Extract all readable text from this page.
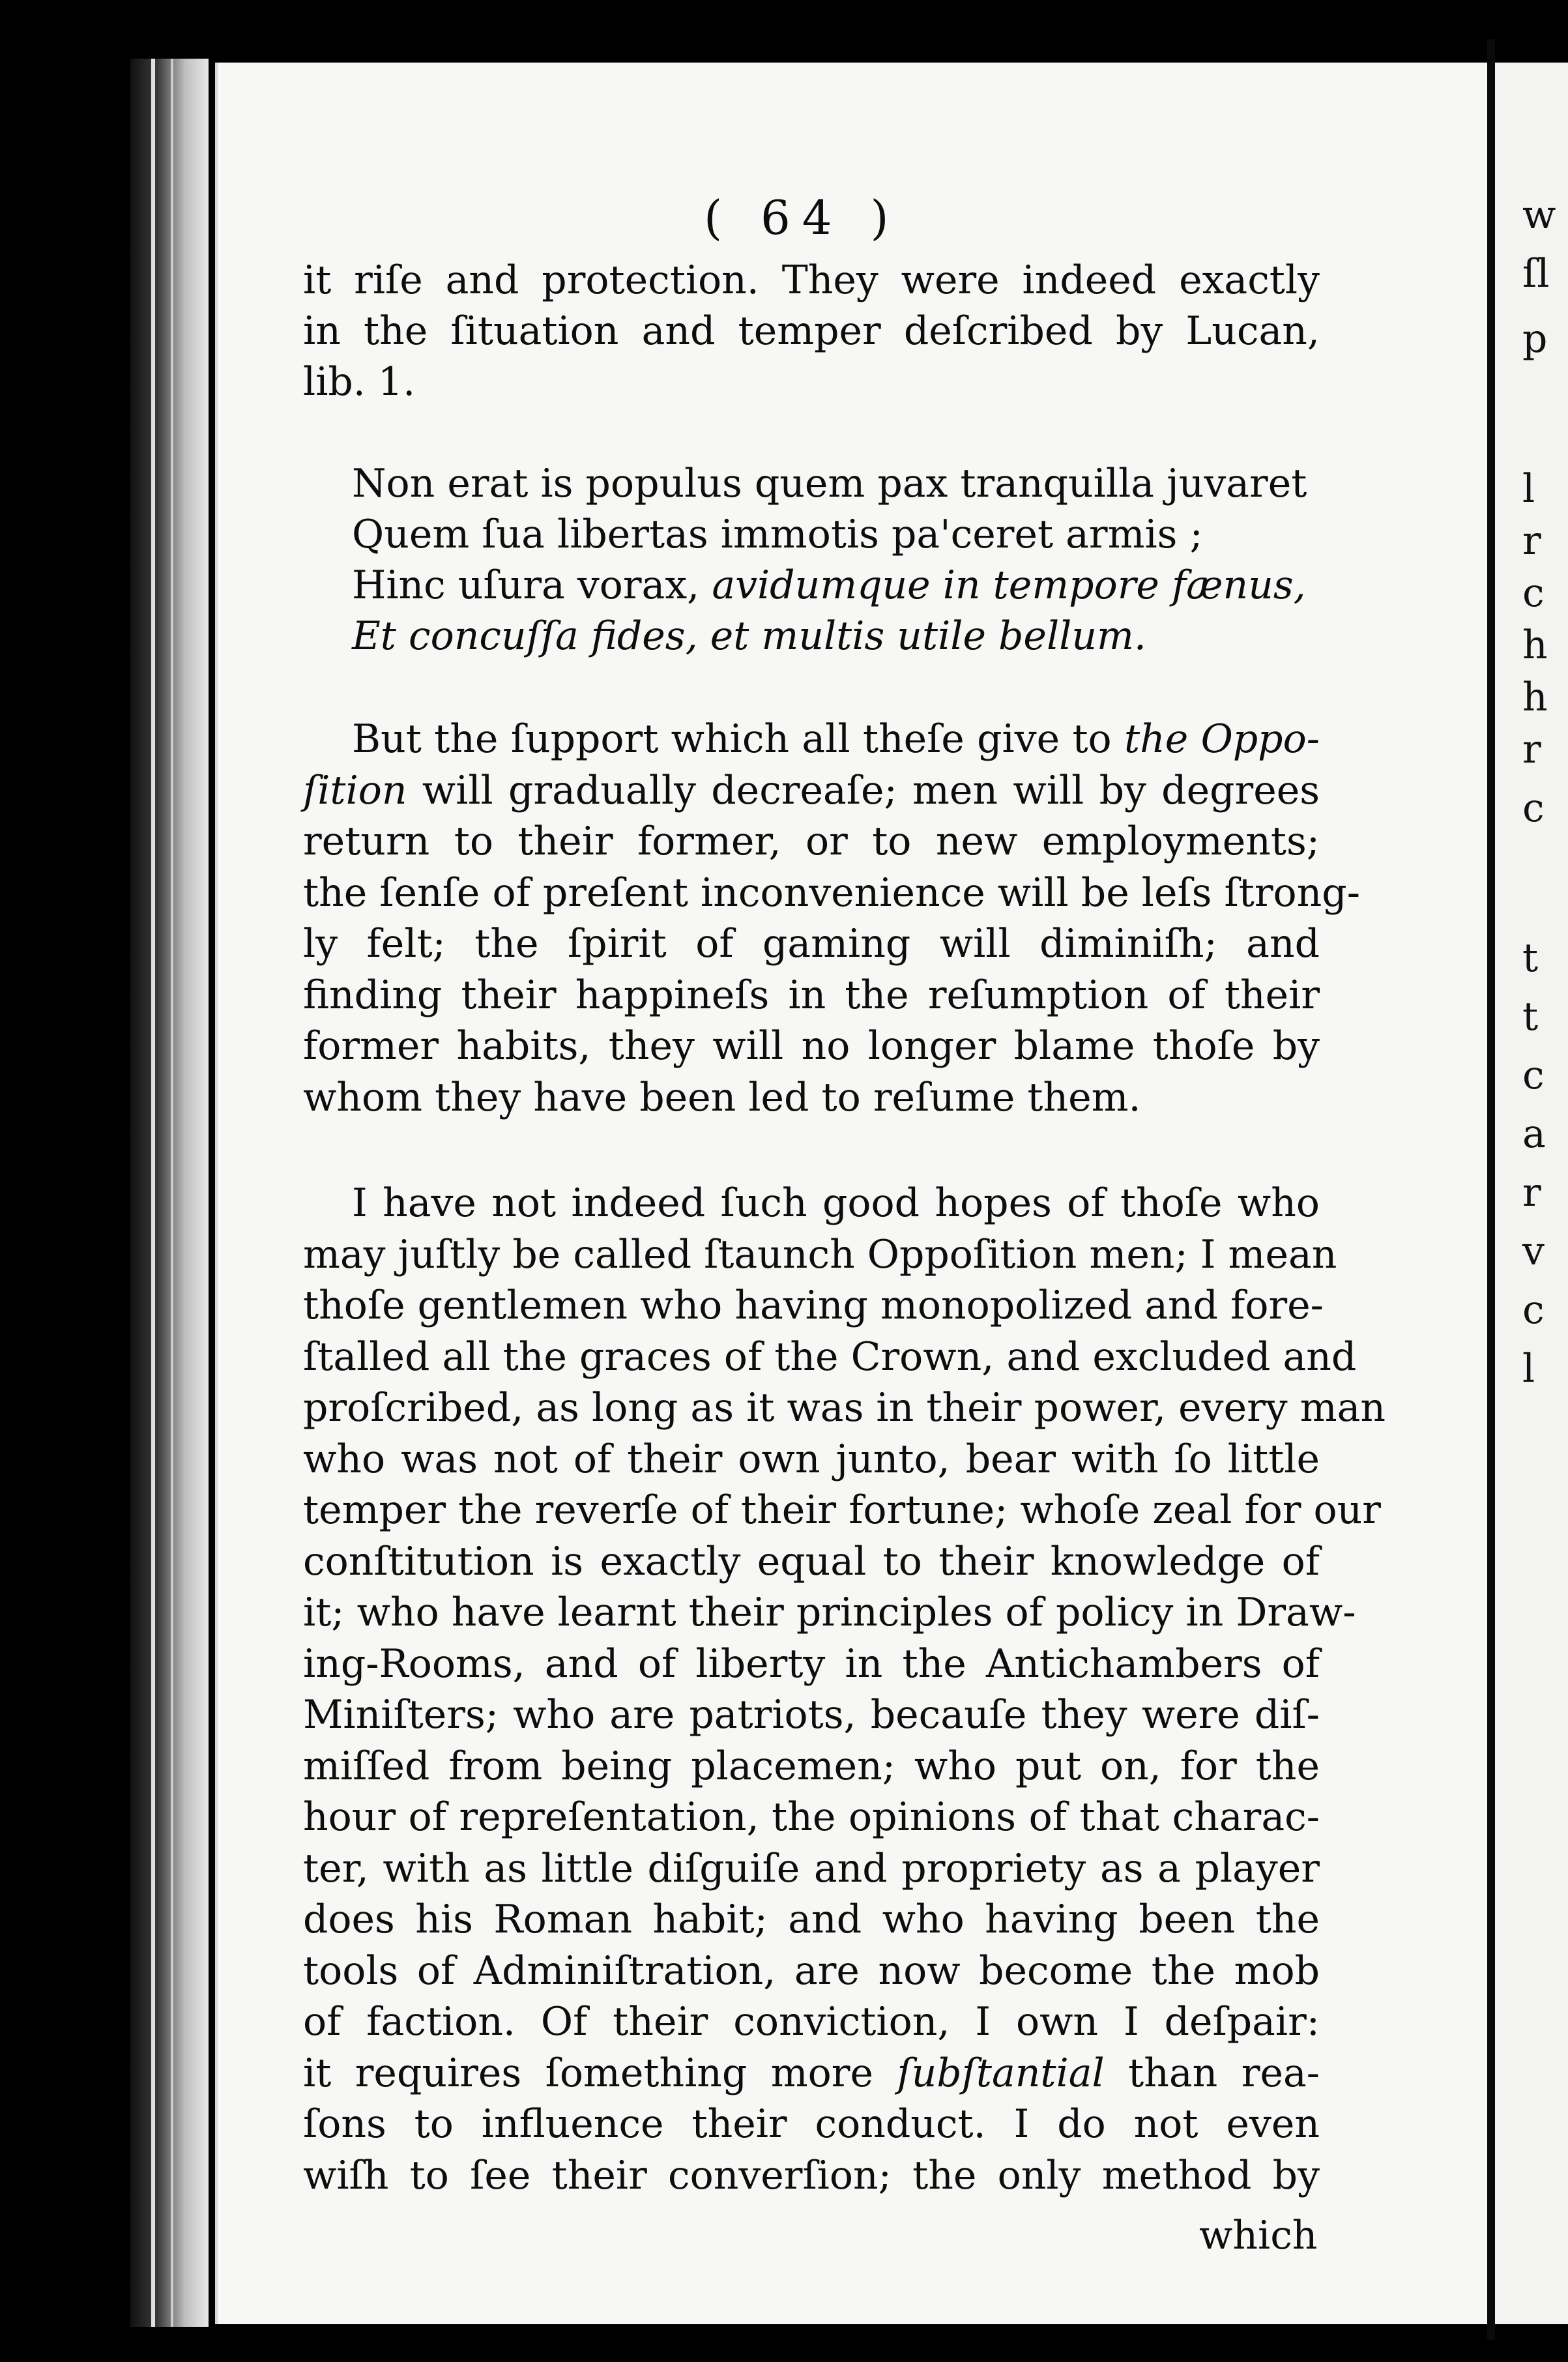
w
ſl
p
l
r
c
h
h
r
c
t
t
c
a
r
v
c
l
( 64 )
it riſe and protection. They were indeed exactly
in the ſituation and temper deſcribed by Lucan,
lib. 1.
Non erat is populus quem pax tranquilla juvaret
Quem ſua libertas immotis pa'ceret armis ;
Hinc uſura vorax, avidumque in tempore fænus,
Et concuſſa fides, et multis utile bellum.
But the ſupport which all theſe give to the Oppo-
ſition will gradually decreaſe; men will by degrees
return to their former, or to new employments;
the ſenſe of preſent inconvenience will be leſs ſtrong-
ly felt; the ſpirit of gaming will diminiſh; and
finding their happineſs in the reſumption of their
former habits, they will no longer blame thoſe by
whom they have been led to reſume them.
I have not indeed ſuch good hopes of thoſe who
may juſtly be called ſtaunch Oppoſition men; I mean
thoſe gentlemen who having monopolized and fore-
ſtalled all the graces of the Crown, and excluded and
proſcribed, as long as it was in their power, every man
who was not of their own junto, bear with ſo little
temper the reverſe of their fortune; whoſe zeal for our
conſtitution is exactly equal to their knowledge of
it; who have learnt their principles of policy in Draw-
ing-Rooms, and of liberty in the Antichambers of
Miniſters; who are patriots, becauſe they were diſ-
miſſed from being placemen; who put on, for the
hour of repreſentation, the opinions of that charac-
ter, with as little diſguiſe and propriety as a player
does his Roman habit; and who having been the
tools of Adminiſtration, are now become the mob
of faction. Of their conviction, I own I deſpair:
it requires ſomething more ſubſtantial than rea-
ſons to influence their conduct. I do not even
wiſh to ſee their converſion; the only method by
which
